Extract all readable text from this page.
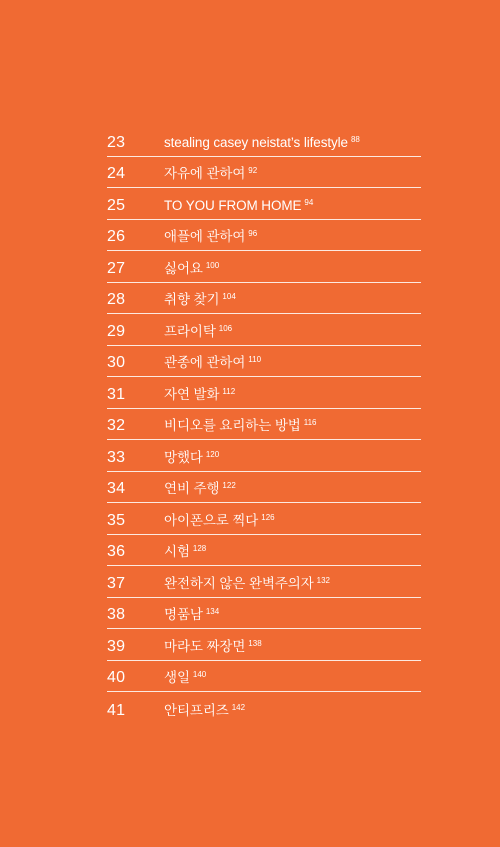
23	stealing casey neistat’s lifestyle $^{88}$
24	자유에 관하여 $^{92}$
25	TO YOU FROM HOME $^{94}$
26	애플에 관하여 $^{96}$
27	싫어요 $^{100}$
28	취향 찾기 $^{104}$
29	프라이탁 $^{106}$
30	관종에 관하여 $^{110}$
31	자연 발화 $^{112}$
32	비디오를 요리하는 방법 $^{116}$
33	망했다 $^{120}$
34	연비 주행 $^{122}$
35	아이폰으로 찍다 $^{126}$
36	시험 $^{128}$
37	완전하지 않은 완벽주의자 $^{132}$
38	명품남 $^{134}$
39	마라도 짜장면 $^{138}$
40	생일 $^{140}$
41	안티프리즈 $^{142}$
